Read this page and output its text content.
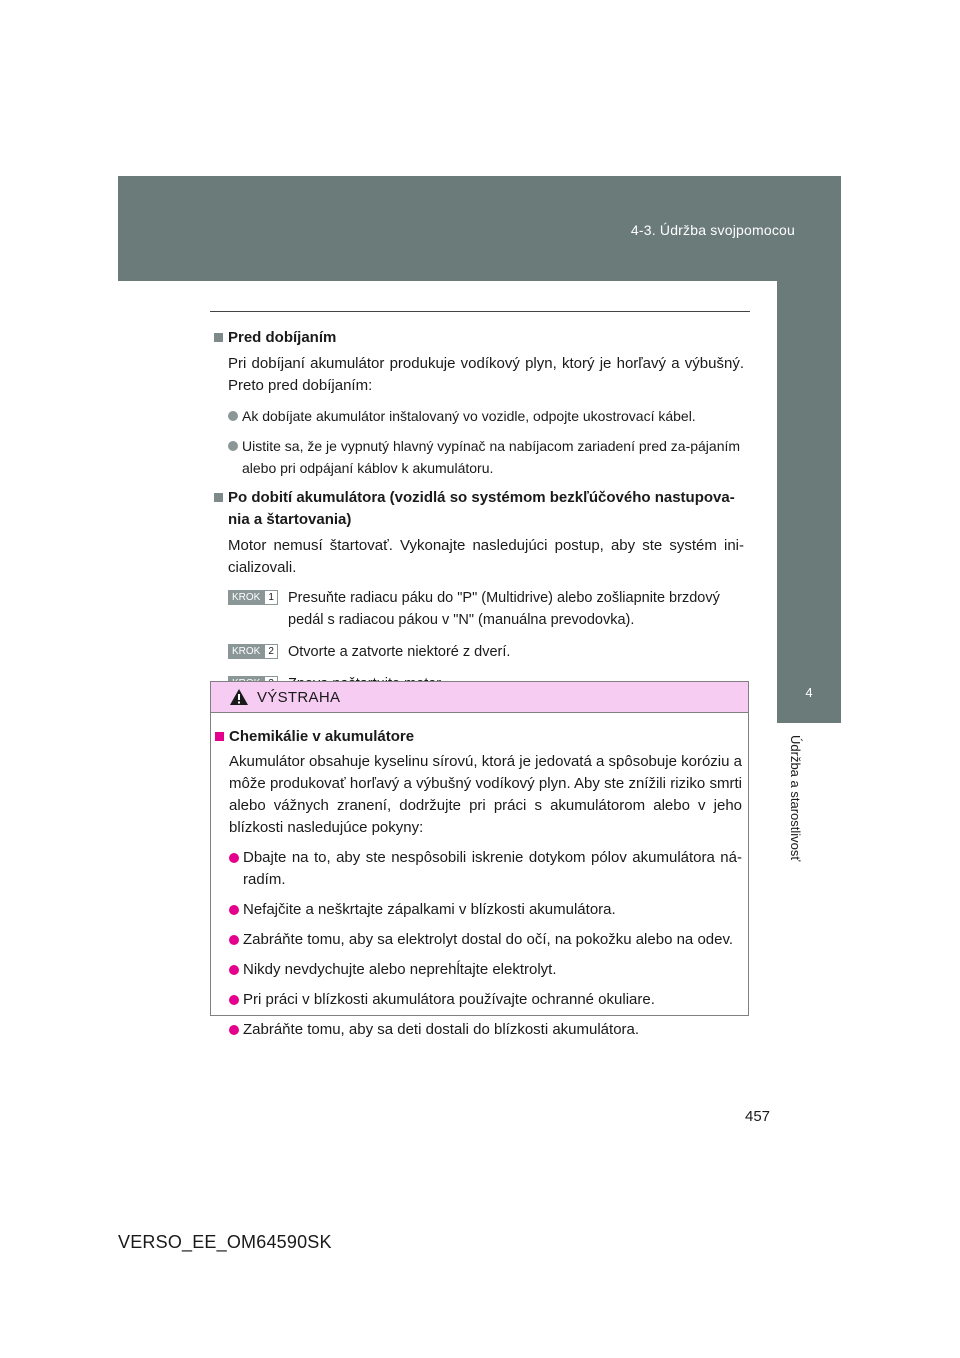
4-3. Údržba svojpomocou
4
Údržba a starostlivosť
Pred dobíjaním
Pri dobíjaní akumulátor produkuje vodíkový plyn, ktorý je horľavý a výbušný. Preto pred dobíjaním:
Ak dobíjate akumulátor inštalovaný vo vozidle, odpojte ukostrovací kábel.
Uistite sa, že je vypnutý hlavný vypínač na nabíjacom zariadení pred za-pájaním alebo pri odpájaní káblov k akumulátoru.
Po dobití akumulátora (vozidlá so systémom bezkľúčového nastupova-nia a štartovania)
Motor nemusí štartovať. Vykonajte nasledujúci postup, aby ste systém ini-cializovali.
KROK 1 Presuňte radiacu páku do "P" (Multidrive) alebo zošliapnite brzdový pedál s radiacou pákou v "N" (manuálna prevodovka).
KROK 2 Otvorte a zatvorte niektoré z dverí.
VÝSTRAHA
Chemikálie v akumulátore
Akumulátor obsahuje kyselinu sírovú, ktorá je jedovatá a spôsobuje koróziu a môže produkovať horľavý a výbušný vodíkový plyn. Aby ste znížili riziko smrti alebo vážnych zranení, dodržujte pri práci s akumulátorom alebo v jeho blízkosti nasledujúce pokyny:
Dbajte na to, aby ste nespôsobili iskrenie dotykom pólov akumulátora ná-radím.
Nefajčite a neškrtajte zápalkami v blízkosti akumulátora.
Zabráňte tomu, aby sa elektrolyt dostal do očí, na pokožku alebo na odev.
Nikdy nevdychujte alebo neprehĺtajte elektrolyt.
Pri práci v blízkosti akumulátora používajte ochranné okuliare.
Zabráňte tomu, aby sa deti dostali do blízkosti akumulátora.
457
VERSO_EE_OM64590SK
